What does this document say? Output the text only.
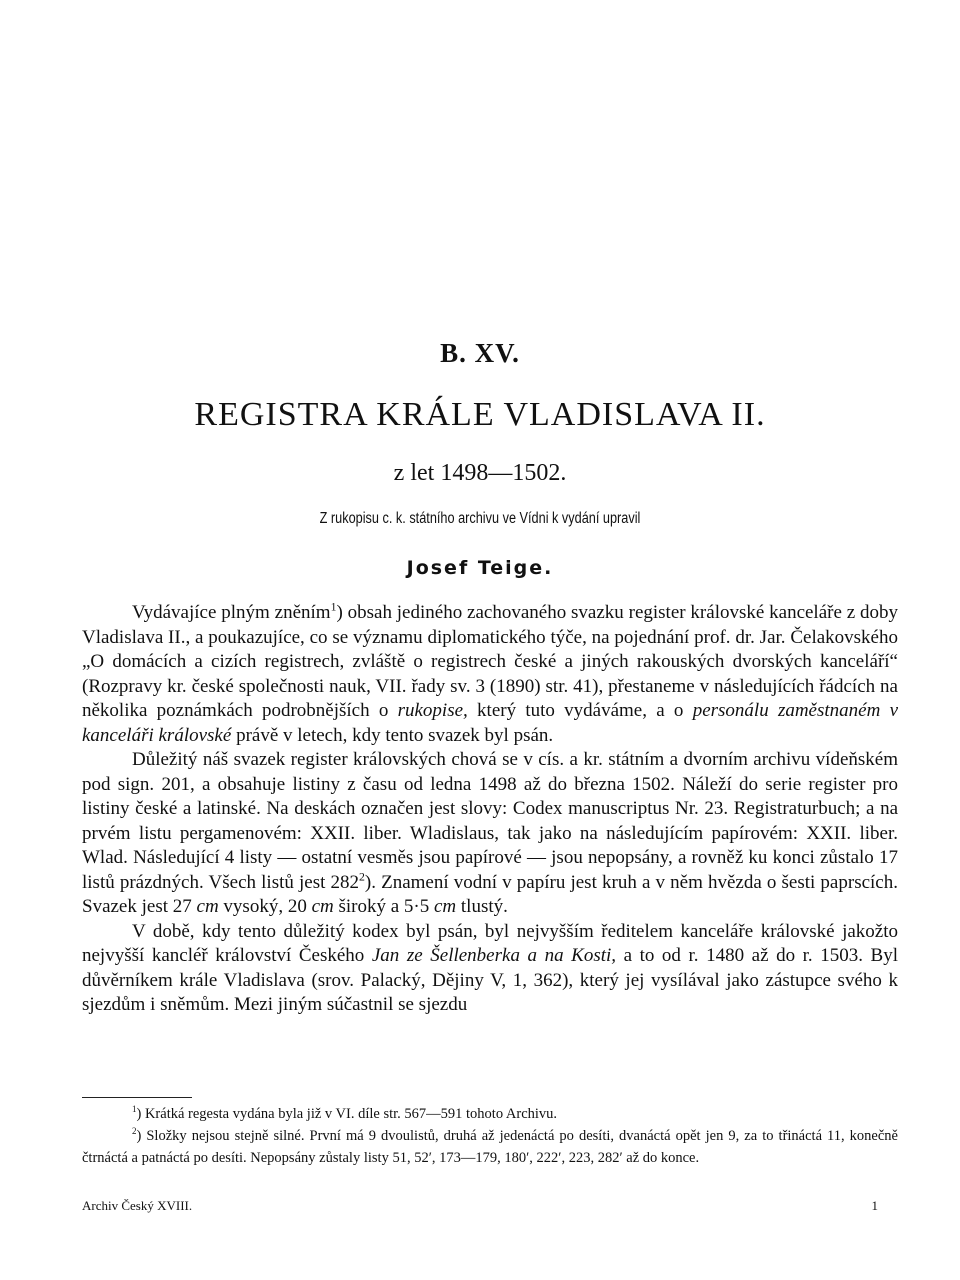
B. XV.
REGISTRA KRÁLE VLADISLAVA II.
z let 1498—1502.
Z rukopisu c. k. státního archivu ve Vídni k vydání upravil
Josef Teige.

Vydávajíce plným zněním$^1$) obsah jediného zachovaného svazku register královské kanceláře z doby Vladislava II., a poukazujíce, co se významu diplomatického týče, na pojednání prof. dr. Jar. Čelakovského „O domácích a cizích registrech, zvláště o registrech české a jiných rakouských dvorských kanceláří“ (Rozpravy kr. české společnosti nauk, VII. řady sv. 3 (1890) str. 41), přestaneme v následujících řádcích na několika poznámkách podrobnějších o rukopise, který tuto vydáváme, a o personálu zaměstnaném v kanceláři královské právě v letech, kdy tento svazek byl psán.

Důležitý náš svazek register královských chová se v cís. a kr. státním a dvorním archivu vídeňském pod sign. 201, a obsahuje listiny z času od ledna 1498 až do března 1502. Náleží do serie register pro listiny české a latinské. Na deskách označen jest slovy: Codex manuscriptus Nr. 23. Registraturbuch; a na prvém listu pergamenovém: XXII. liber. Wladislaus, tak jako na následujícím papírovém: XXII. liber. Wlad. Následující 4 listy — ostatní vesměs jsou papírové — jsou nepopsány, a rovněž ku konci zůstalo 17 listů prázdných. Všech listů jest $282^2$). Znamení vodní v papíru jest kruh a v něm hvězda o šesti paprscích. Svazek jest 27 cm vysoký, 20 cm široký a 5·5 cm tlustý.

V době, kdy tento důležitý kodex byl psán, byl nejvyšším ředitelem kanceláře královské jakožto nejvyšší kancléř království Českého Jan ze Šellenberka a na Kosti, a to od r. 1480 až do r. 1503. Byl důvěrníkem krále Vladislava (srov. Palacký, Dějiny V, 1, 362), který jej vysílával jako zástupce svého k sjezdům i sněmům. Mezi jiným súčastnil se sjezdu

$^1$) Krátká regesta vydána byla již v VI. díle str. 567—591 tohoto Archivu.

$^2$) Složky nejsou stejně silné. První má 9 dvoulistů, druhá až jedenáctá po desíti, dvanáctá opět jen 9, za to třináctá 11, konečně čtrnáctá a patnáctá po desíti. Nepopsány zůstaly listy 51, 52′, 173—179, 180′, 222′, 223, 282′ až do konce.

Archiv Český XVIII.	1
